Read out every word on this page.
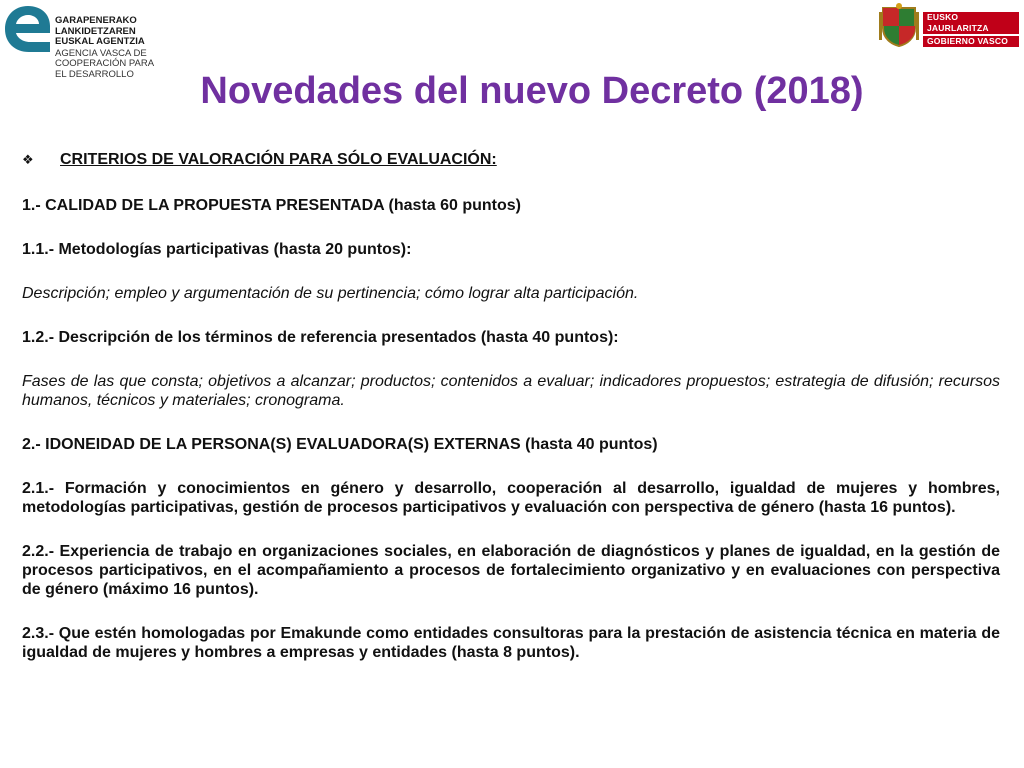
GARAPENERAKO
LANKIDETZAREN
EUSKAL AGENTZIA
AGENCIA VASCA DE
COOPERACIÓN PARA
EL DESARROLLO
EUSKO JAURLARITZA
GOBIERNO VASCO
Novedades del nuevo Decreto (2018)
❖	CRITERIOS DE VALORACIÓN PARA SÓLO EVALUACIÓN:

1.- CALIDAD DE LA PROPUESTA PRESENTADA (hasta 60 puntos)

1.1.- Metodologías participativas (hasta 20 puntos):

Descripción; empleo y argumentación de su pertinencia; cómo lograr alta participación.

1.2.- Descripción de los términos de referencia presentados (hasta 40 puntos):

Fases de las que consta; objetivos a alcanzar; productos; contenidos a evaluar; indicadores propuestos; estrategia de difusión; recursos humanos, técnicos y materiales; cronograma.

2.- IDONEIDAD DE LA PERSONA(S) EVALUADORA(S) EXTERNAS (hasta 40 puntos)

2.1.- Formación y conocimientos en género y desarrollo, cooperación al desarrollo, igualdad de mujeres y hombres, metodologías participativas, gestión de procesos participativos y evaluación con perspectiva de género (hasta 16 puntos).

2.2.- Experiencia de trabajo en organizaciones sociales, en elaboración de diagnósticos y planes de igualdad, en la gestión de procesos participativos, en el acompañamiento a procesos de fortalecimiento organizativo y en evaluaciones con perspectiva de género (máximo 16 puntos).

2.3.- Que estén homologadas por Emakunde como entidades consultoras para la prestación de asistencia técnica en materia de igualdad de mujeres y hombres a empresas y entidades (hasta 8 puntos).
